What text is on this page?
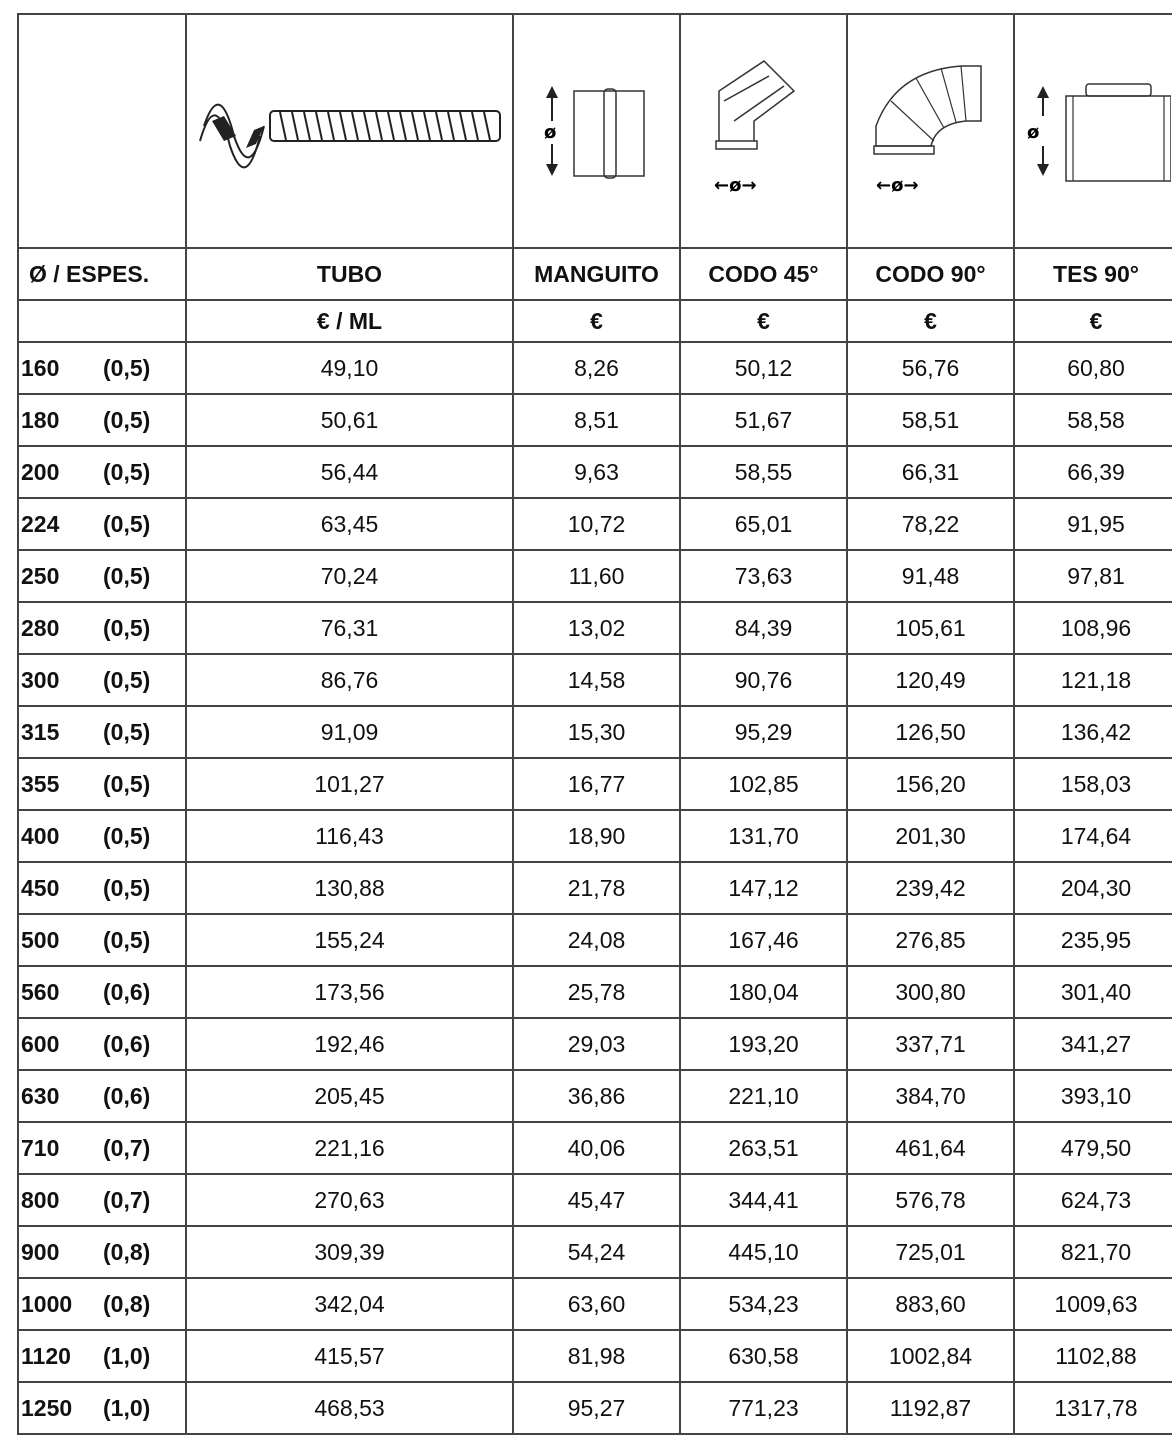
ø	←ø→	←ø→	ø

Ø / ESPES.	TUBO	MANGUITO	CODO 45°	CODO 90°	TES 90°
	€ / ML	€	€	€	€
160 (0,5)	49,10	8,26	50,12	56,76	60,80
180 (0,5)	50,61	8,51	51,67	58,51	58,58
200 (0,5)	56,44	9,63	58,55	66,31	66,39
224 (0,5)	63,45	10,72	65,01	78,22	91,95
250 (0,5)	70,24	11,60	73,63	91,48	97,81
280 (0,5)	76,31	13,02	84,39	105,61	108,96
300 (0,5)	86,76	14,58	90,76	120,49	121,18
315 (0,5)	91,09	15,30	95,29	126,50	136,42
355 (0,5)	101,27	16,77	102,85	156,20	158,03
400 (0,5)	116,43	18,90	131,70	201,30	174,64
450 (0,5)	130,88	21,78	147,12	239,42	204,30
500 (0,5)	155,24	24,08	167,46	276,85	235,95
560 (0,6)	173,56	25,78	180,04	300,80	301,40
600 (0,6)	192,46	29,03	193,20	337,71	341,27
630 (0,6)	205,45	36,86	221,10	384,70	393,10
710 (0,7)	221,16	40,06	263,51	461,64	479,50
800 (0,7)	270,63	45,47	344,41	576,78	624,73
900 (0,8)	309,39	54,24	445,10	725,01	821,70
1000 (0,8)	342,04	63,60	534,23	883,60	1009,63
1120 (1,0)	415,57	81,98	630,58	1002,84	1102,88
1250 (1,0)	468,53	95,27	771,23	1192,87	1317,78
